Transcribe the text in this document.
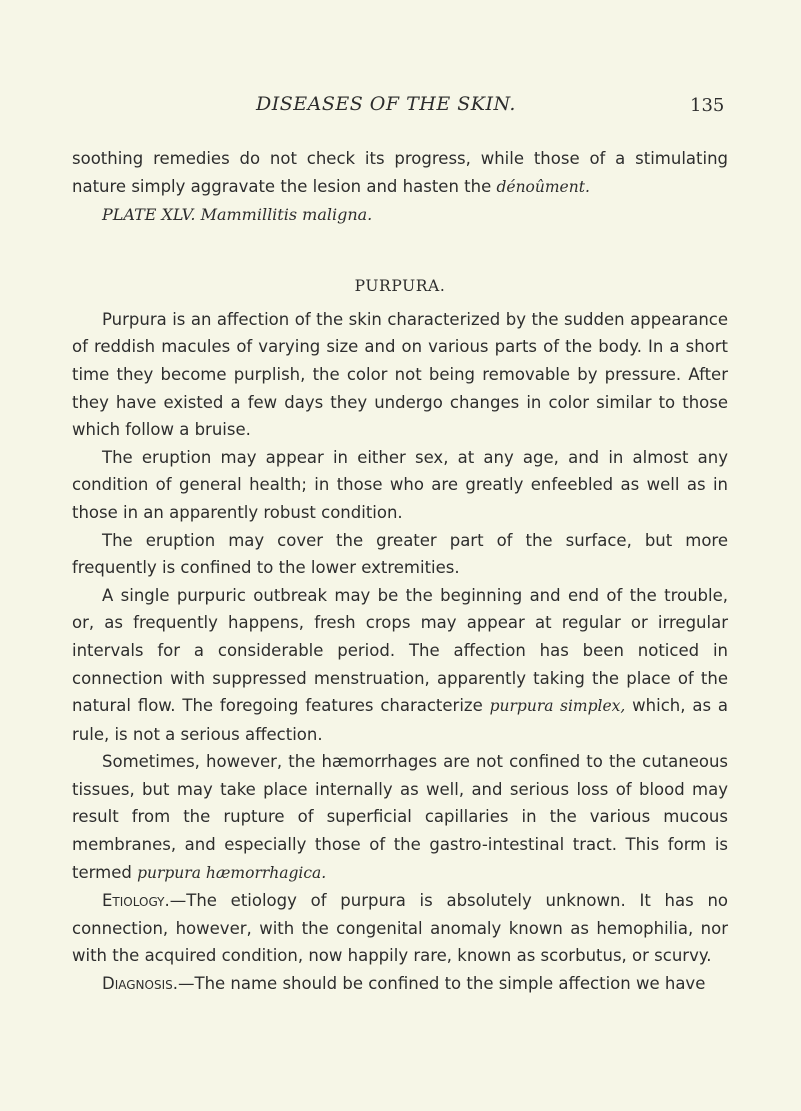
DISEASES OF THE SKIN.	135

soothing remedies do not check its progress, while those of a stimulating nature simply aggravate the lesion and hasten the dénoûment.

PLATE XLV. Mammillitis maligna.

PURPURA.

Purpura is an affection of the skin characterized by the sudden appearance of reddish macules of varying size and on various parts of the body. In a short time they become purplish, the color not being removable by pressure. After they have existed a few days they undergo changes in color similar to those which follow a bruise.

The eruption may appear in either sex, at any age, and in almost any condition of general health; in those who are greatly enfeebled as well as in those in an apparently robust condition.

The eruption may cover the greater part of the surface, but more frequently is confined to the lower extremities.

A single purpuric outbreak may be the beginning and end of the trouble, or, as frequently happens, fresh crops may appear at regular or irregular intervals for a considerable period. The affection has been noticed in connection with suppressed menstruation, apparently taking the place of the natural flow. The foregoing features characterize purpura simplex, which, as a rule, is not a serious affection.

Sometimes, however, the hæmorrhages are not confined to the cutaneous tissues, but may take place internally as well, and serious loss of blood may result from the rupture of superficial capillaries in the various mucous membranes, and especially those of the gastro-intestinal tract. This form is termed purpura hæmorrhagica.

Etiology.—The etiology of purpura is absolutely unknown. It has no connection, however, with the congenital anomaly known as hemophilia, nor with the acquired condition, now happily rare, known as scorbutus, or scurvy.

Diagnosis.—The name should be confined to the simple affection we have
